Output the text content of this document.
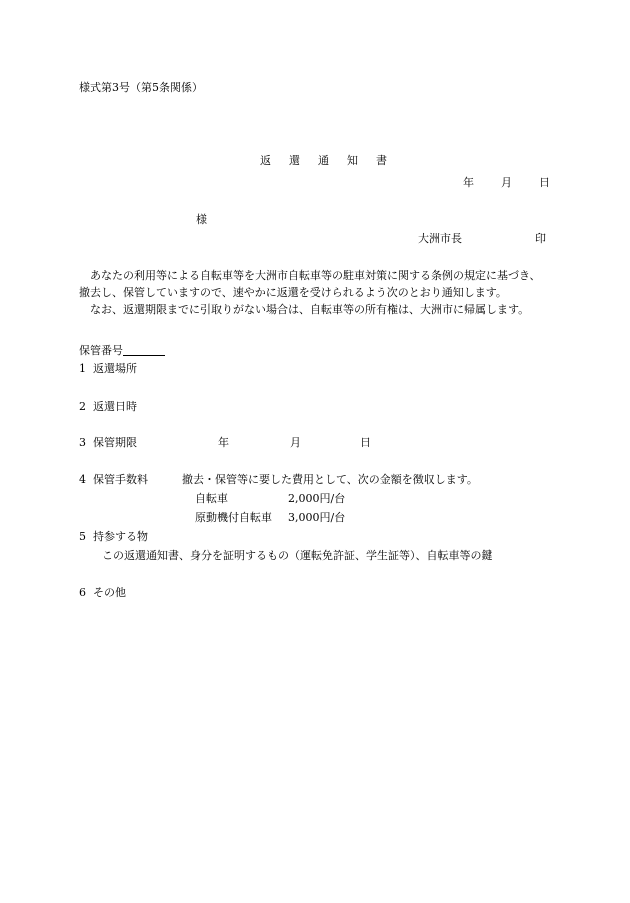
様式第3号（第5条関係）
返 還 通 知 書
年 月 日
様
大洲市長	印

あなたの利用等による自転車等を大洲市自転車等の駐車対策に関する条例の規定に基づき、撤去し、保管していますので、速やかに返還を受けられるよう次のとおり通知します。

なお、返還期限までに引取りがない場合は、自転車等の所有権は、大洲市に帰属します。

保管番号
1 返還場所
2 返還日時
3 保管期限	年	月	日
4 保管手数料	撤去・保管等に要した費用として、次の金額を徴収します。
自転車	2,000円/台
原動機付自転車 3,000円/台
5 持参する物
この返還通知書、身分を証明するもの（運転免許証、学生証等）、自転車等の鍵
6 その他
